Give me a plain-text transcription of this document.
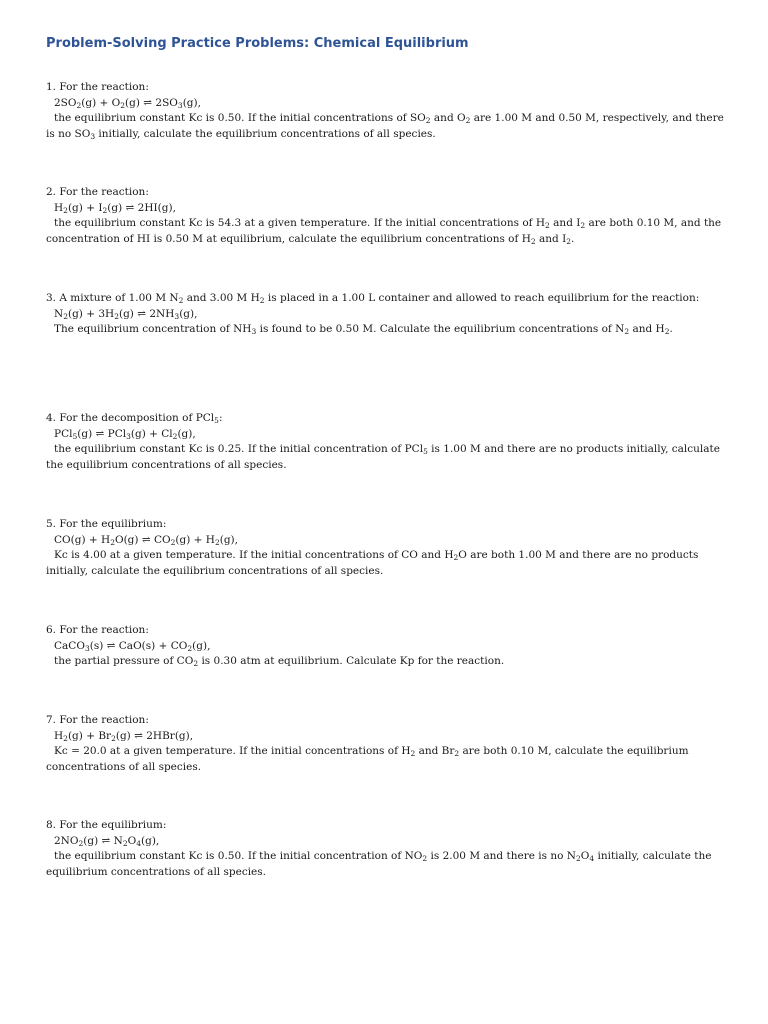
Problem-Solving Practice Problems: Chemical Equilibrium

1. For the reaction:

$2SO_2(g) + O_2(g)$ ⇌ $2SO_3(g)$,

the equilibrium constant Kc is 0.50. If the initial concentrations of $SO_2$ and $O_2$ are 1.00 M and 0.50 M, respectively, and there is no $SO_3$ initially, calculate the equilibrium concentrations of all species.

2. For the reaction:

$H_2(g) + I_2(g)$ ⇌ 2HI(g),

the equilibrium constant Kc is 54.3 at a given temperature. If the initial concentrations of $H_2$ and $I_2$ are both 0.10 M, and the concentration of HI is 0.50 M at equilibrium, calculate the equilibrium concentrations of $H_2$ and $I_2$.

3. A mixture of 1.00 M $N_2$ and 3.00 M $H_2$ is placed in a 1.00 L container and allowed to reach equilibrium for the reaction:

$N_2(g) + 3H_2(g)$ ⇌ $2NH_3(g)$,

The equilibrium concentration of $NH_3$ is found to be 0.50 M. Calculate the equilibrium concentrations of $N_2$ and $H_2$.

4. For the decomposition of PCl$_5$:

PCl$_5$(g) ⇌ $PCl_3(g) + Cl_2(g)$,

the equilibrium constant Kc is 0.25. If the initial concentration of PCl$_5$ is 1.00 M and there are no products initially, calculate the equilibrium concentrations of all species.

5. For the equilibrium:

$CO(g) + H_2O(g)$ ⇌ $CO_2(g) + H_2(g)$,

Kc is 4.00 at a given temperature. If the initial concentrations of CO and $H_2O$ are both 1.00 M and there are no products initially, calculate the equilibrium concentrations of all species.

6. For the reaction:

CaCO$_3$(s) ⇌ $CaO(s) + CO_2(g)$,

the partial pressure of $CO_2$ is 0.30 atm at equilibrium. Calculate Kp for the reaction.

7. For the reaction:

$H_2(g) + Br_2(g)$ ⇌ 2HBr(g),

Kc = 20.0 at a given temperature. If the initial concentrations of $H_2$ and $Br_2$ are both 0.10 M, calculate the equilibrium concentrations of all species.

8. For the equilibrium:

$2NO_2(g)$ ⇌ $N_2O_4(g)$,

the equilibrium constant Kc is 0.50. If the initial concentration of $NO_2$ is 2.00 M and there is no $N_2O_4$ initially, calculate the equilibrium concentrations of all species.
